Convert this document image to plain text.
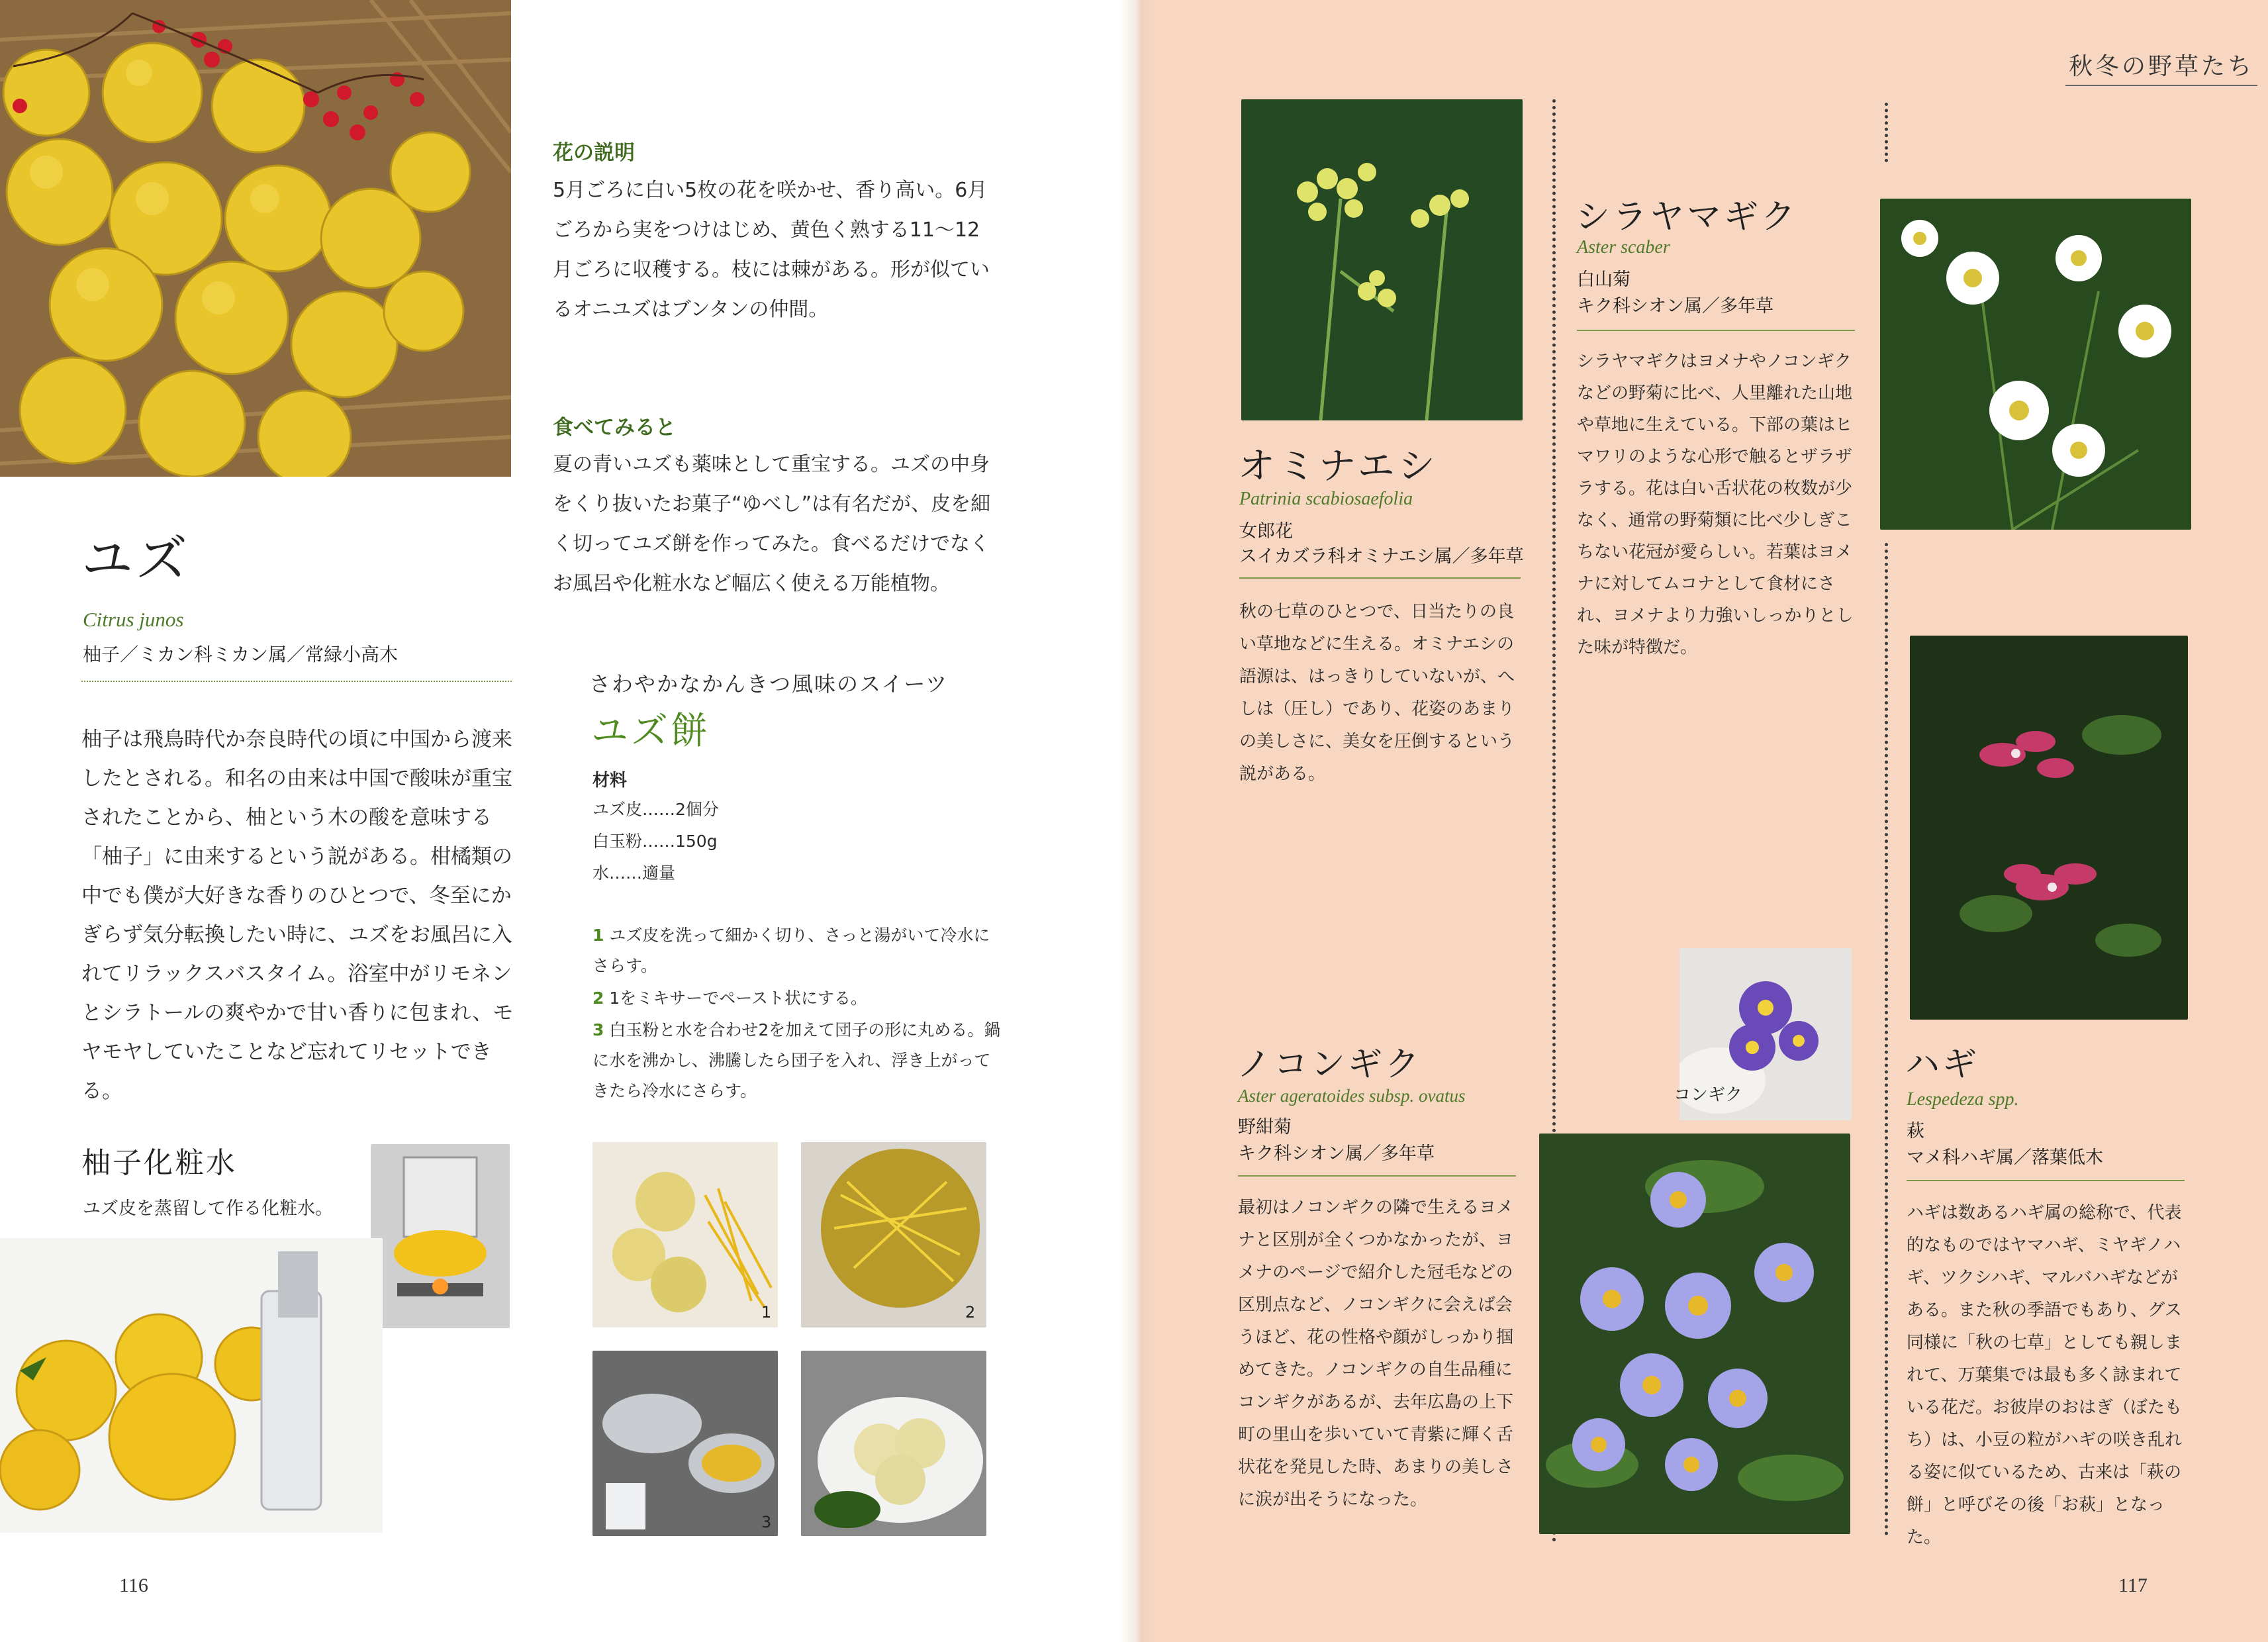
ユズ
Citrus junos
柚子／ミカン科ミカン属／常緑小高木
柚子は飛鳥時代か奈良時代の頃に中国から渡来したとされる。和名の由来は中国で酸味が重宝されたことから、柚という木の酸を意味する「柚子」に由来するという説がある。柑橘類の中でも僕が大好きな香りのひとつで、冬至にかぎらず気分転換したい時に、ユズをお風呂に入れてリラックスバスタイム。浴室中がリモネンとシラトールの爽やかで甘い香りに包まれ、モヤモヤしていたことなど忘れてリセットできる。
花の説明
5月ごろに白い5枚の花を咲かせ、香り高い。6月ごろから実をつけはじめ、黄色く熟する11〜12月ごろに収穫する。枝には棘がある。形が似ているオニユズはブンタンの仲間。
食べてみると
夏の青いユズも薬味として重宝する。ユズの中身をくり抜いたお菓子“ゆべし”は有名だが、皮を細く切ってユズ餅を作ってみた。食べるだけでなくお風呂や化粧水など幅広く使える万能植物。
さわやかなかんきつ風味のスイーツ
ユズ餅
材料
ユズ皮……2個分
白玉粉……150g
水……適量
1 ユズ皮を洗って細かく切り、さっと湯がいて冷水にさらす。
2 1をミキサーでペースト状にする。
3 白玉粉と水を合わせ2を加えて団子の形に丸める。鍋に水を沸かし、沸騰したら団子を入れ、浮き上がってきたら冷水にさらす。
1	2
3
柚子化粧水
ユズ皮を蒸留して作る化粧水。
116
秋冬の野草たち
オミナエシ
Patrinia scabiosaefolia
女郎花
スイカズラ科オミナエシ属／多年草
秋の七草のひとつで、日当たりの良い草地などに生える。オミナエシの語源は、はっきりしていないが、へしは（圧し）であり、花姿のあまりの美しさに、美女を圧倒するという説がある。
シラヤマギク
Aster scaber
白山菊
キク科シオン属／多年草
シラヤマギクはヨメナやノコンギクなどの野菊に比べ、人里離れた山地や草地に生えている。下部の葉はヒマワリのような心形で触るとザラザラする。花は白い舌状花の枚数が少なく、通常の野菊類に比べ少しぎこちない花冠が愛らしい。若葉はヨメナに対してムコナとして食材にされ、ヨメナより力強いしっかりとした味が特徴だ。
ハギ
Lespedeza spp.
萩
マメ科ハギ属／落葉低木
ハギは数あるハギ属の総称で、代表的なものではヤマハギ、ミヤギノハギ、ツクシハギ、マルバハギなどがある。また秋の季語でもあり、グス同様に「秋の七草」としても親しまれて、万葉集では最も多く詠まれている花だ。お彼岸のおはぎ（ぼたもち）は、小豆の粒がハギの咲き乱れる姿に似ているため、古来は「萩の餅」と呼びその後「お萩」となった。
ノコンギク
Aster ageratoides subsp. ovatus
野紺菊
キク科シオン属／多年草
最初はノコンギクの隣で生えるヨメナと区別が全くつかなかったが、ヨメナのページで紹介した冠毛などの区別点など、ノコンギクに会えば会うほど、花の性格や顔がしっかり掴めてきた。ノコンギクの自生品種にコンギクがあるが、去年広島の上下町の里山を歩いていて青紫に輝く舌状花を発見した時、あまりの美しさに涙が出そうになった。
コンギク
117
